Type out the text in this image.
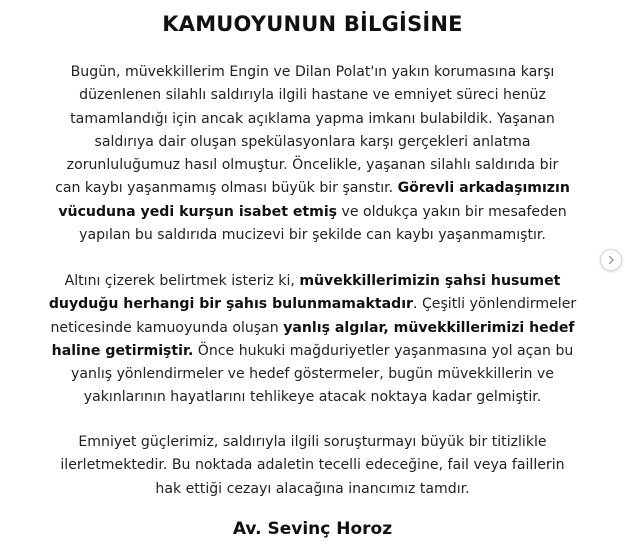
KAMUOYUNUN BİLGİSİNE
Bugün, müvekkillerim Engin ve Dilan Polat'ın yakın korumasına karşı
düzenlenen silahlı saldırıyla ilgili hastane ve emniyet süreci henüz
tamamlandığı için ancak açıklama yapma imkanı bulabildik. Yaşanan
saldırıya dair oluşan spekülasyonlara karşı gerçekleri anlatma
zorunluluğumuz hasıl olmuştur. Öncelikle, yaşanan silahlı saldırıda bir
can kaybı yaşanmamış olması büyük bir şanstır. Görevli arkadaşımızın
vücuduna yedi kurşun isabet etmiş ve oldukça yakın bir mesafeden
yapılan bu saldırıda mucizevi bir şekilde can kaybı yaşanmamıştır.
Altını çizerek belirtmek isteriz ki, müvekkillerimizin şahsi husumet
duyduğu herhangi bir şahıs bulunmamaktadır. Çeşitli yönlendirmeler
neticesinde kamuoyunda oluşan yanlış algılar, müvekkillerimizi hedef
haline getirmiştir. Önce hukuki mağduriyetler yaşanmasına yol açan bu
yanlış yönlendirmeler ve hedef göstermeler, bugün müvekkillerin ve
yakınlarının hayatlarını tehlikeye atacak noktaya kadar gelmiştir.
Emniyet güçlerimiz, saldırıyla ilgili soruşturmayı büyük bir titizlikle
ilerletmektedir. Bu noktada adaletin tecelli edeceğine, fail veya faillerin
hak ettiği cezayı alacağına inancımız tamdır.
Av. Sevinç Horoz
